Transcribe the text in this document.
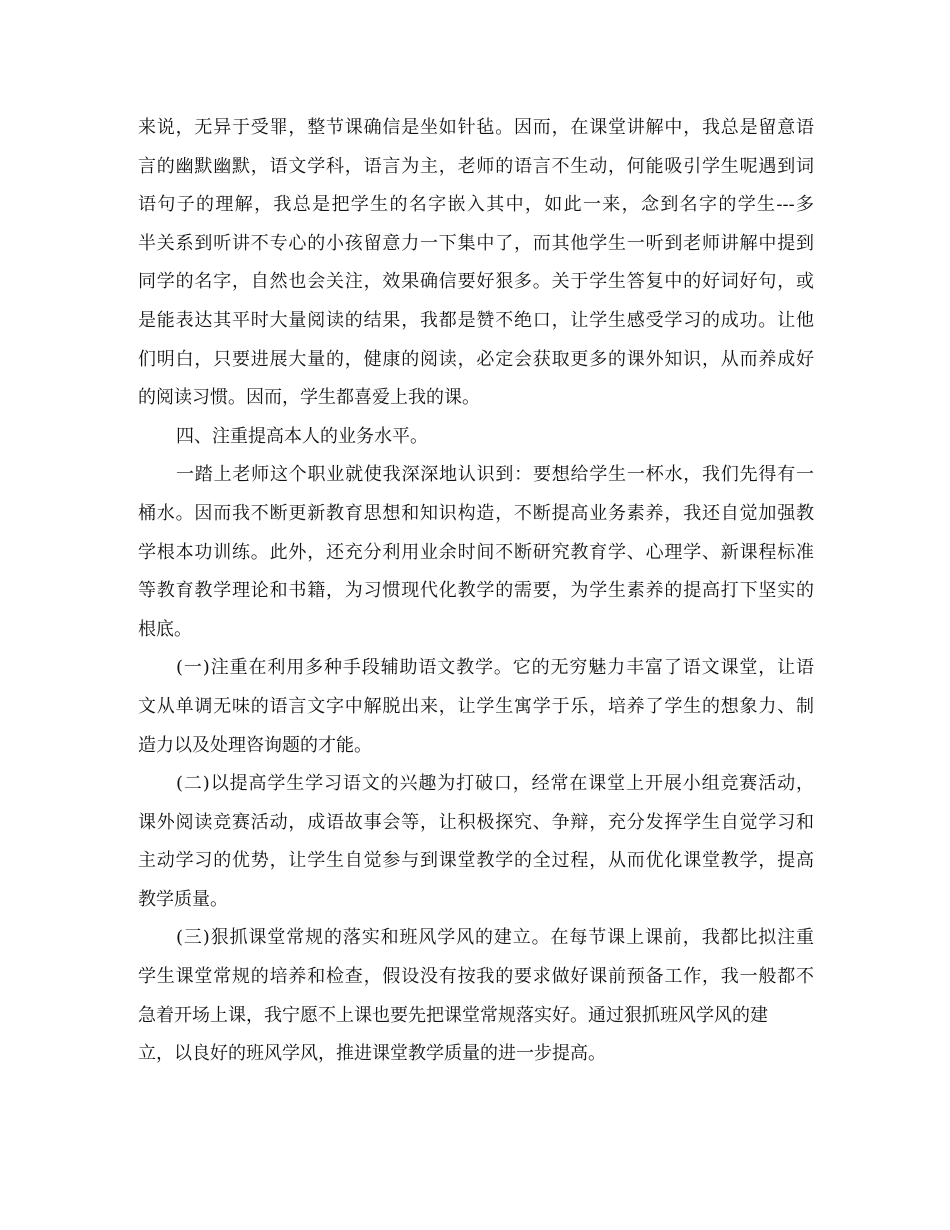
来说，无异于受罪，整节课确信是坐如针毡。因而，在课堂讲解中，我总是留意语
言的幽默幽默，语文学科，语言为主，老师的语言不生动，何能吸引学生呢遇到词
语句子的理解，我总是把学生的名字嵌入其中，如此一来，念到名字的学生---多
半关系到听讲不专心的小孩留意力一下集中了，而其他学生一听到老师讲解中提到
同学的名字，自然也会关注，效果确信要好狠多。关于学生答复中的好词好句，或
是能表达其平时大量阅读的结果，我都是赞不绝口，让学生感受学习的成功。让他
们明白，只要进展大量的，健康的阅读，必定会获取更多的课外知识，从而养成好
的阅读习惯。因而，学生都喜爱上我的课。
四、注重提高本人的业务水平。
一踏上老师这个职业就使我深深地认识到：要想给学生一杯水，我们先得有一
桶水。因而我不断更新教育思想和知识构造，不断提高业务素养，我还自觉加强教
学根本功训练。此外，还充分利用业余时间不断研究教育学、心理学、新课程标准
等教育教学理论和书籍，为习惯现代化教学的需要，为学生素养的提高打下坚实的
根底。
(一)注重在利用多种手段辅助语文教学。它的无穷魅力丰富了语文课堂，让语
文从单调无味的语言文字中解脱出来，让学生寓学于乐，培养了学生的想象力、制
造力以及处理咨询题的才能。
(二)以提高学生学习语文的兴趣为打破口，经常在课堂上开展小组竞赛活动，
课外阅读竞赛活动，成语故事会等，让积极探究、争辩，充分发挥学生自觉学习和
主动学习的优势，让学生自觉参与到课堂教学的全过程，从而优化课堂教学，提高
教学质量。
(三)狠抓课堂常规的落实和班风学风的建立。在每节课上课前，我都比拟注重
学生课堂常规的培养和检查，假设没有按我的要求做好课前预备工作，我一般都不
急着开场上课，我宁愿不上课也要先把课堂常规落实好。通过狠抓班风学风的建
立，以良好的班风学风，推进课堂教学质量的进一步提高。
